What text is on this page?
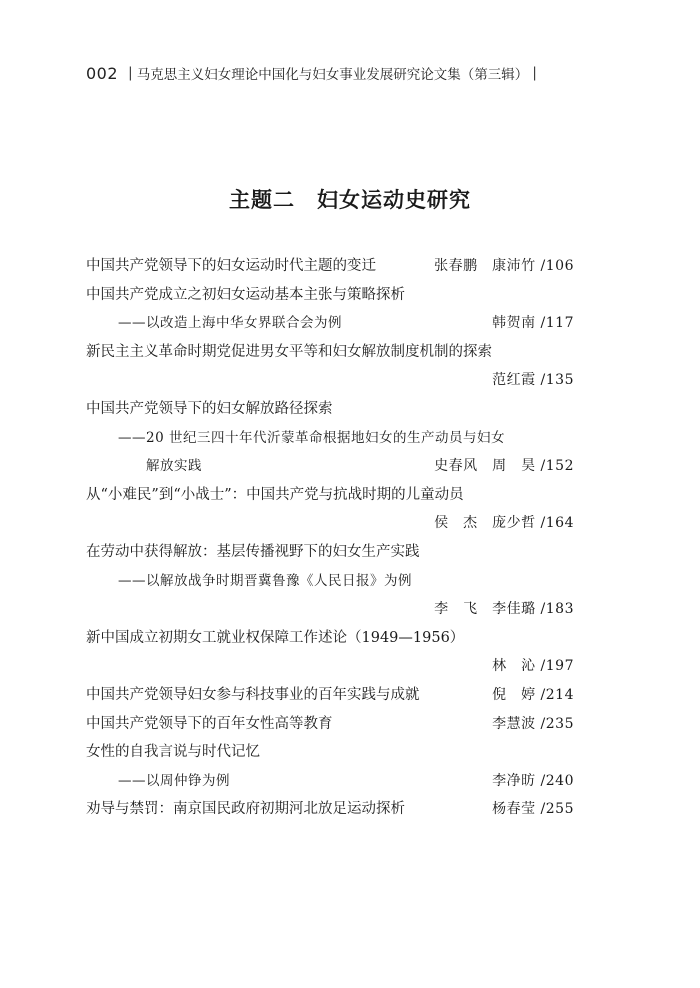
002 | 马克思主义妇女理论中国化与妇女事业发展研究论文集（第三辑） |
主题二 妇女运动史研究
中国共产党领导下的妇女运动时代主题的变迁	张春鹏　康沛竹 /106
中国共产党成立之初妇女运动基本主张与策略探析
——以改造上海中华女界联合会为例	韩贺南 /117
新民主主义革命时期党促进男女平等和妇女解放制度机制的探索
范红霞 /135
中国共产党领导下的妇女解放路径探索
——20 世纪三四十年代沂蒙革命根据地妇女的生产动员与妇女
解放实践	史春风　周　昊 /152
从“小难民”到“小战士”：中国共产党与抗战时期的儿童动员
侯　杰　庞少哲 /164
在劳动中获得解放：基层传播视野下的妇女生产实践
——以解放战争时期晋冀鲁豫《人民日报》为例
李　飞　李佳璐 /183
新中国成立初期女工就业权保障工作述论（1949—1956）
林　沁 /197
中国共产党领导妇女参与科技事业的百年实践与成就	倪　婷 /214
中国共产党领导下的百年女性高等教育	李慧波 /235
女性的自我言说与时代记忆
——以周仲铮为例	李净昉 /240
劝导与禁罚：南京国民政府初期河北放足运动探析	杨春莹 /255
